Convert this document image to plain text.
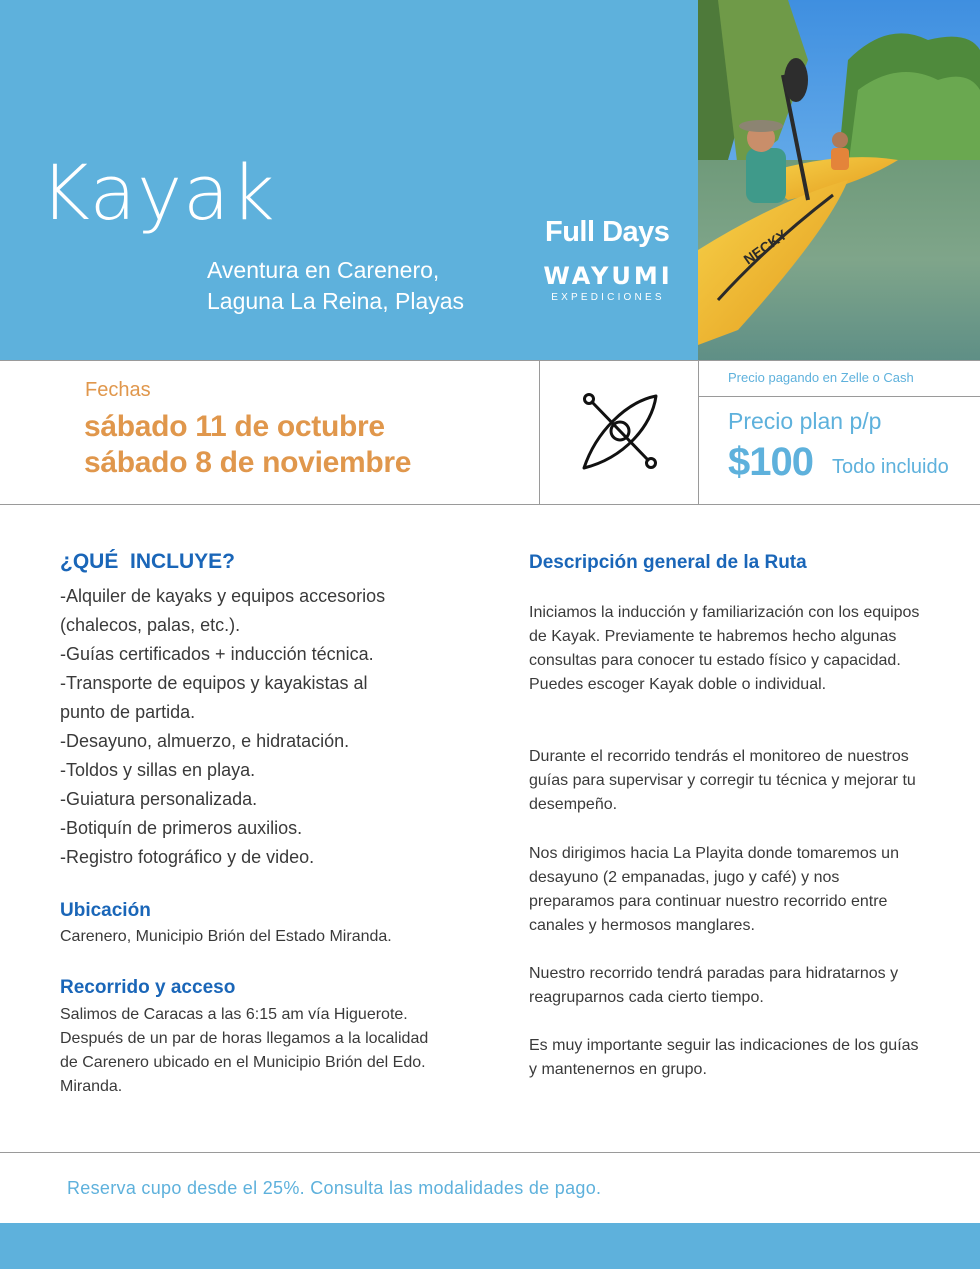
Kayak
Aventura en Carenero,
Laguna La Reina, Playas
Full Days
WAYUMI
EXPEDICIONES
NECKY
Fechas
sábado 11 de octubre
sábado 8 de noviembre
Precio pagando en Zelle o Cash
Precio plan p/p
$100 Todo incluido
¿QUÉ  INCLUYE?
-Alquiler de kayaks y equipos accesorios
(chalecos, palas, etc.).
-Guías certificados + inducción técnica.
-Transporte de equipos y kayakistas al
punto de partida.
-Desayuno, almuerzo, e hidratación.
-Toldos y sillas en playa.
-Guiatura personalizada.
-Botiquín de primeros auxilios.
-Registro fotográfico y de video.
Ubicación
Carenero, Municipio Brión del Estado Miranda.
Recorrido y acceso
Salimos de Caracas a las 6:15 am vía Higuerote. Después de un par de horas llegamos a la localidad de Carenero ubicado en el Municipio Brión del Edo. Miranda.
Descripción general de la Ruta
Iniciamos la inducción y familiarización con los equipos de Kayak. Previamente te habremos hecho algunas consultas para conocer tu estado físico y capacidad.
Puedes escoger Kayak doble o individual.
Durante el recorrido tendrás el monitoreo de nuestros guías para supervisar y corregir tu técnica y mejorar tu desempeño.
Nos dirigimos hacia La Playita donde tomaremos un desayuno (2 empanadas, jugo y café) y nos preparamos para continuar nuestro recorrido entre canales y hermosos manglares.
Nuestro recorrido tendrá paradas para hidratarnos y reagruparnos cada cierto tiempo.
Es muy importante seguir las indicaciones de los guías y mantenernos en grupo.
Reserva cupo desde el 25%. Consulta las modalidades de pago.
